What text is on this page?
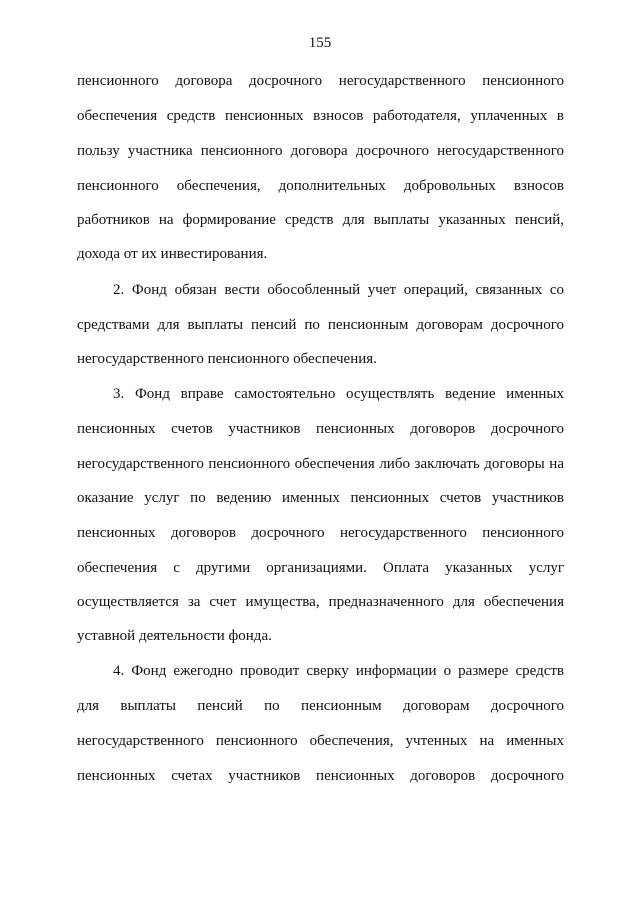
155
пенсионного договора досрочного негосударственного пенсионного
обеспечения средств пенсионных взносов работодателя, уплаченных в
пользу участника пенсионного договора досрочного негосударственного
пенсионного обеспечения, дополнительных добровольных взносов
работников на формирование средств для выплаты указанных пенсий,
дохода от их инвестирования.
2. Фонд обязан вести обособленный учет операций, связанных со
средствами для выплаты пенсий по пенсионным договорам досрочного
негосударственного пенсионного обеспечения.
3. Фонд вправе самостоятельно осуществлять ведение именных
пенсионных счетов участников пенсионных договоров досрочного
негосударственного пенсионного обеспечения либо заключать договоры на
оказание услуг по ведению именных пенсионных счетов участников
пенсионных договоров досрочного негосударственного пенсионного
обеспечения с другими организациями. Оплата указанных услуг
осуществляется за счет имущества, предназначенного для обеспечения
уставной деятельности фонда.
4. Фонд ежегодно проводит сверку информации о размере средств
для выплаты пенсий по пенсионным договорам досрочного
негосударственного пенсионного обеспечения, учтенных на именных
пенсионных счетах участников пенсионных договоров досрочного
